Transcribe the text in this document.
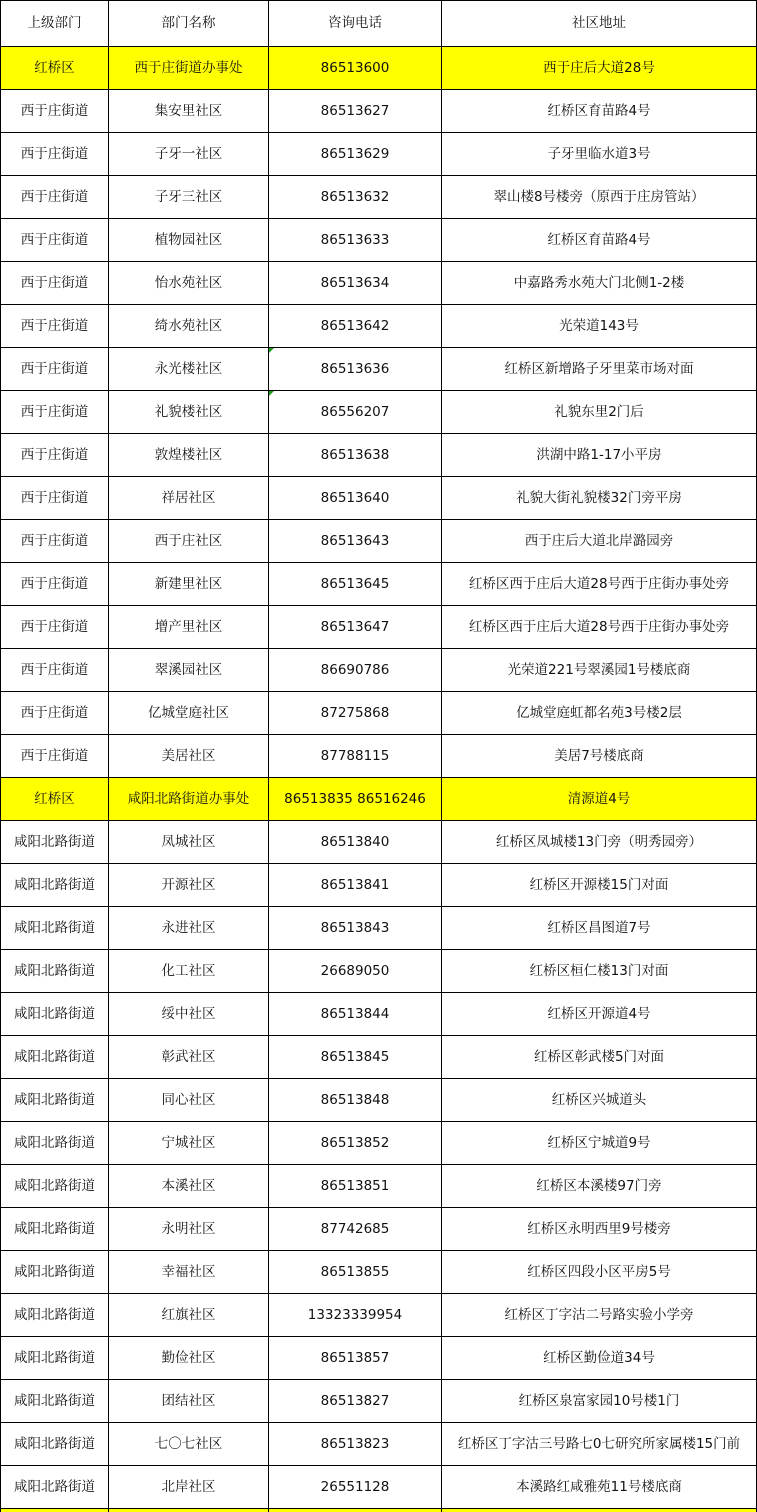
上级部门	部门名称	咨询电话	社区地址
红桥区	西于庄街道办事处	86513600	西于庄后大道28号
西于庄街道	集安里社区	86513627	红桥区育苗路4号
西于庄街道	子牙一社区	86513629	子牙里临水道3号
西于庄街道	子牙三社区	86513632	翠山楼8号楼旁（原西于庄房管站）
西于庄街道	植物园社区	86513633	红桥区育苗路4号
西于庄街道	怡水苑社区	86513634	中嘉路秀水苑大门北侧1-2楼
西于庄街道	绮水苑社区	86513642	光荣道143号
西于庄街道	永光楼社区	86513636	红桥区新增路子牙里菜市场对面
西于庄街道	礼貌楼社区	86556207	礼貌东里2门后
西于庄街道	敦煌楼社区	86513638	洪湖中路1-17小平房
西于庄街道	祥居社区	86513640	礼貌大街礼貌楼32门旁平房
西于庄街道	西于庄社区	86513643	西于庄后大道北岸潞园旁
西于庄街道	新建里社区	86513645	红桥区西于庄后大道28号西于庄街办事处旁
西于庄街道	增产里社区	86513647	红桥区西于庄后大道28号西于庄街办事处旁
西于庄街道	翠溪园社区	86690786	光荣道221号翠溪园1号楼底商
西于庄街道	亿城堂庭社区	87275868	亿城堂庭虹都名苑3号楼2层
西于庄街道	美居社区	87788115	美居7号楼底商
红桥区	咸阳北路街道办事处	86513835 86516246	清源道4号
咸阳北路街道	凤城社区	86513840	红桥区凤城楼13门旁（明秀园旁）
咸阳北路街道	开源社区	86513841	红桥区开源楼15门对面
咸阳北路街道	永进社区	86513843	红桥区昌图道7号
咸阳北路街道	化工社区	26689050	红桥区桓仁楼13门对面
咸阳北路街道	绥中社区	86513844	红桥区开源道4号
咸阳北路街道	彰武社区	86513845	红桥区彰武楼5门对面
咸阳北路街道	同心社区	86513848	红桥区兴城道头
咸阳北路街道	宁城社区	86513852	红桥区宁城道9号
咸阳北路街道	本溪社区	86513851	红桥区本溪楼97门旁
咸阳北路街道	永明社区	87742685	红桥区永明西里9号楼旁
咸阳北路街道	幸福社区	86513855	红桥区四段小区平房5号
咸阳北路街道	红旗社区	13323339954	红桥区丁字沽二号路实验小学旁
咸阳北路街道	勤俭社区	86513857	红桥区勤俭道34号
咸阳北路街道	团结社区	86513827	红桥区泉富家园10号楼1门
咸阳北路街道	七〇七社区	86513823	红桥区丁字沽三号路七0七研究所家属楼15门前
咸阳北路街道	北岸社区	26551128	本溪路红咸雅苑11号楼底商
